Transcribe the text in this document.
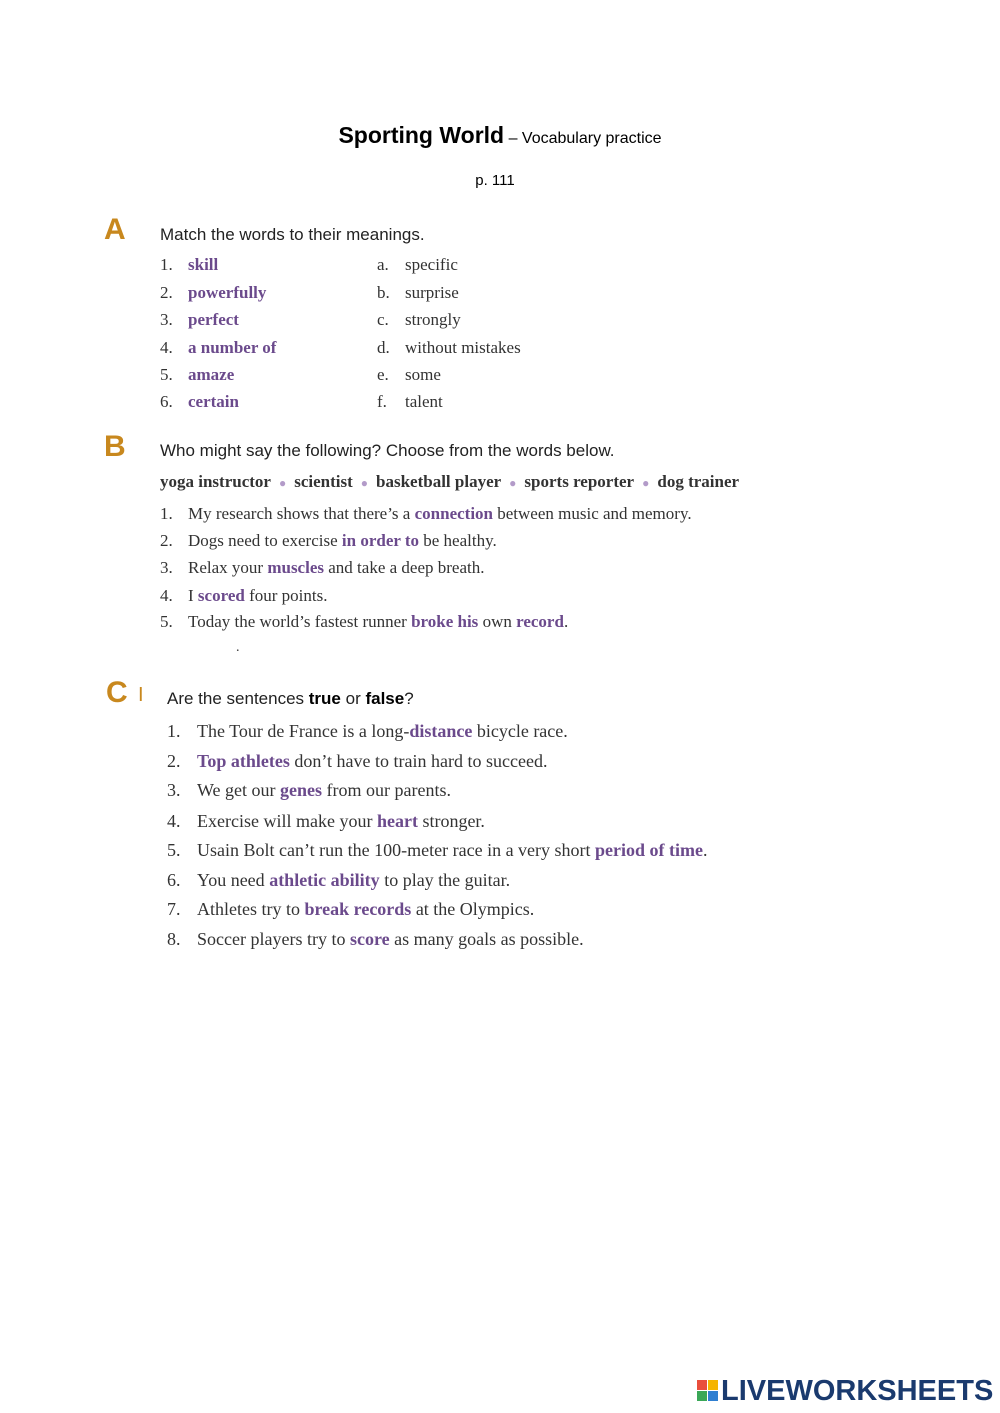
Sporting World – Vocabulary practice
p. 111
A Match the words to their meanings.
1. skill
2. powerfully
3. perfect
4. a number of
5. amaze
6. certain
a. specific
b. surprise
c. strongly
d. without mistakes
e. some
f. talent
B Who might say the following? Choose from the words below.
yoga instructor ● scientist ● basketball player ● sports reporter ● dog trainer
1. My research shows that there’s a connection between music and memory.
2. Dogs need to exercise in order to be healthy.
3. Relax your muscles and take a deep breath.
4. I scored four points.
5. Today the world’s fastest runner broke his own record.
.
C I Are the sentences true or false?
1. The Tour de France is a long-distance bicycle race.
2. Top athletes don’t have to train hard to succeed.
3. We get our genes from our parents.
4. Exercise will make your heart stronger.
5. Usain Bolt can’t run the 100-meter race in a very short period of time.
6. You need athletic ability to play the guitar.
7. Athletes try to break records at the Olympics.
8. Soccer players try to score as many goals as possible.
LIVEWORKSHEETS
